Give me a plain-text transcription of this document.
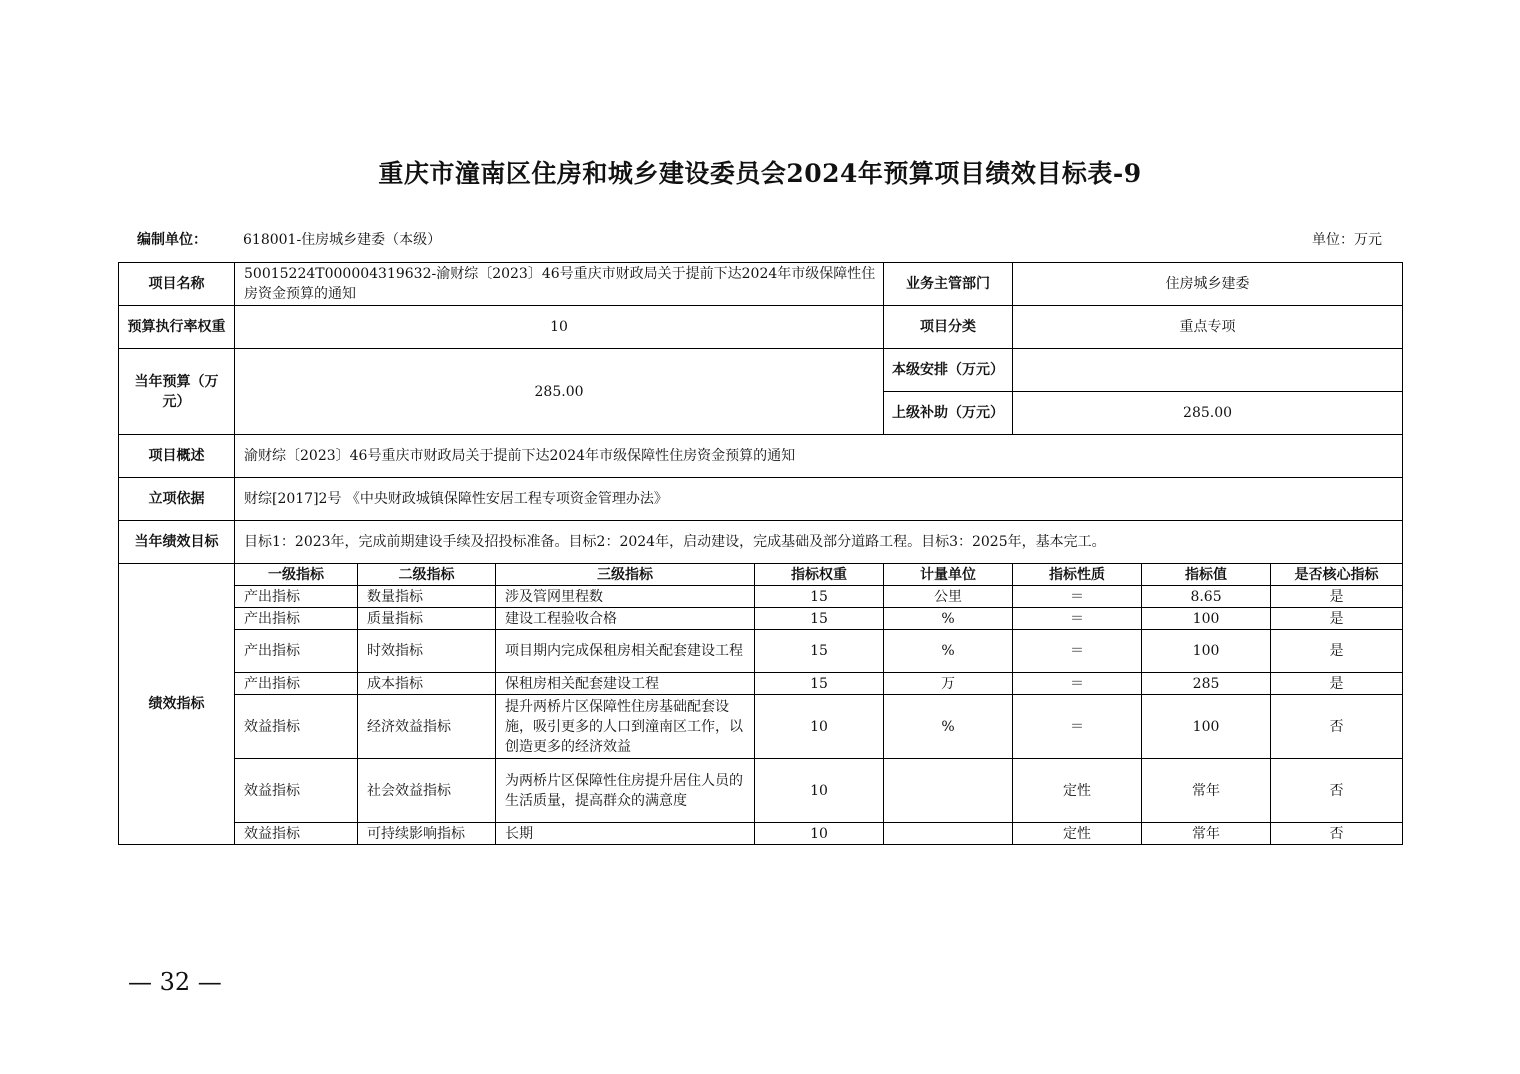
重庆市潼南区住房和城乡建设委员会2024年预算项目绩效目标表-9
编制单位：	618001-住房城乡建委（本级）	单位：万元
项目名称	50015224T000004319632-渝财综〔2023〕46号重庆市财政局关于提前下达2024年市级保障性住房资金预算的通知				业务主管部门	住房城乡建委		
预算执行率权重	10				项目分类	重点专项		
当年预算（万元）	285.00				本级安排（万元）			
					上级补助（万元）	285.00		
项目概述	渝财综〔2023〕46号重庆市财政局关于提前下达2024年市级保障性住房资金预算的通知							
立项依据	财综[2017]2号 《中央财政城镇保障性安居工程专项资金管理办法》							
当年绩效目标	目标1：2023年，完成前期建设手续及招投标准备。目标2：2024年，启动建设，完成基础及部分道路工程。目标3：2025年，基本完工。							
绩效指标	一级指标	二级指标	三级指标	指标权重	计量单位	指标性质	指标值	是否核心指标
	产出指标	数量指标	涉及管网里程数	15	公里	＝	8.65	是
	产出指标	质量指标	建设工程验收合格	15	%	＝	100	是
	产出指标	时效指标	项目期内完成保租房相关配套建设工程	15	%	＝	100	是
	产出指标	成本指标	保租房相关配套建设工程	15	万	＝	285	是
	效益指标	经济效益指标	提升两桥片区保障性住房基础配套设施，吸引更多的人口到潼南区工作，以创造更多的经济效益	10	%	＝	100	否
	效益指标	社会效益指标	为两桥片区保障性住房提升居住人员的生活质量，提高群众的满意度	10		定性	常年	否
	效益指标	可持续影响指标	长期	10		定性	常年	否
— 32 —
